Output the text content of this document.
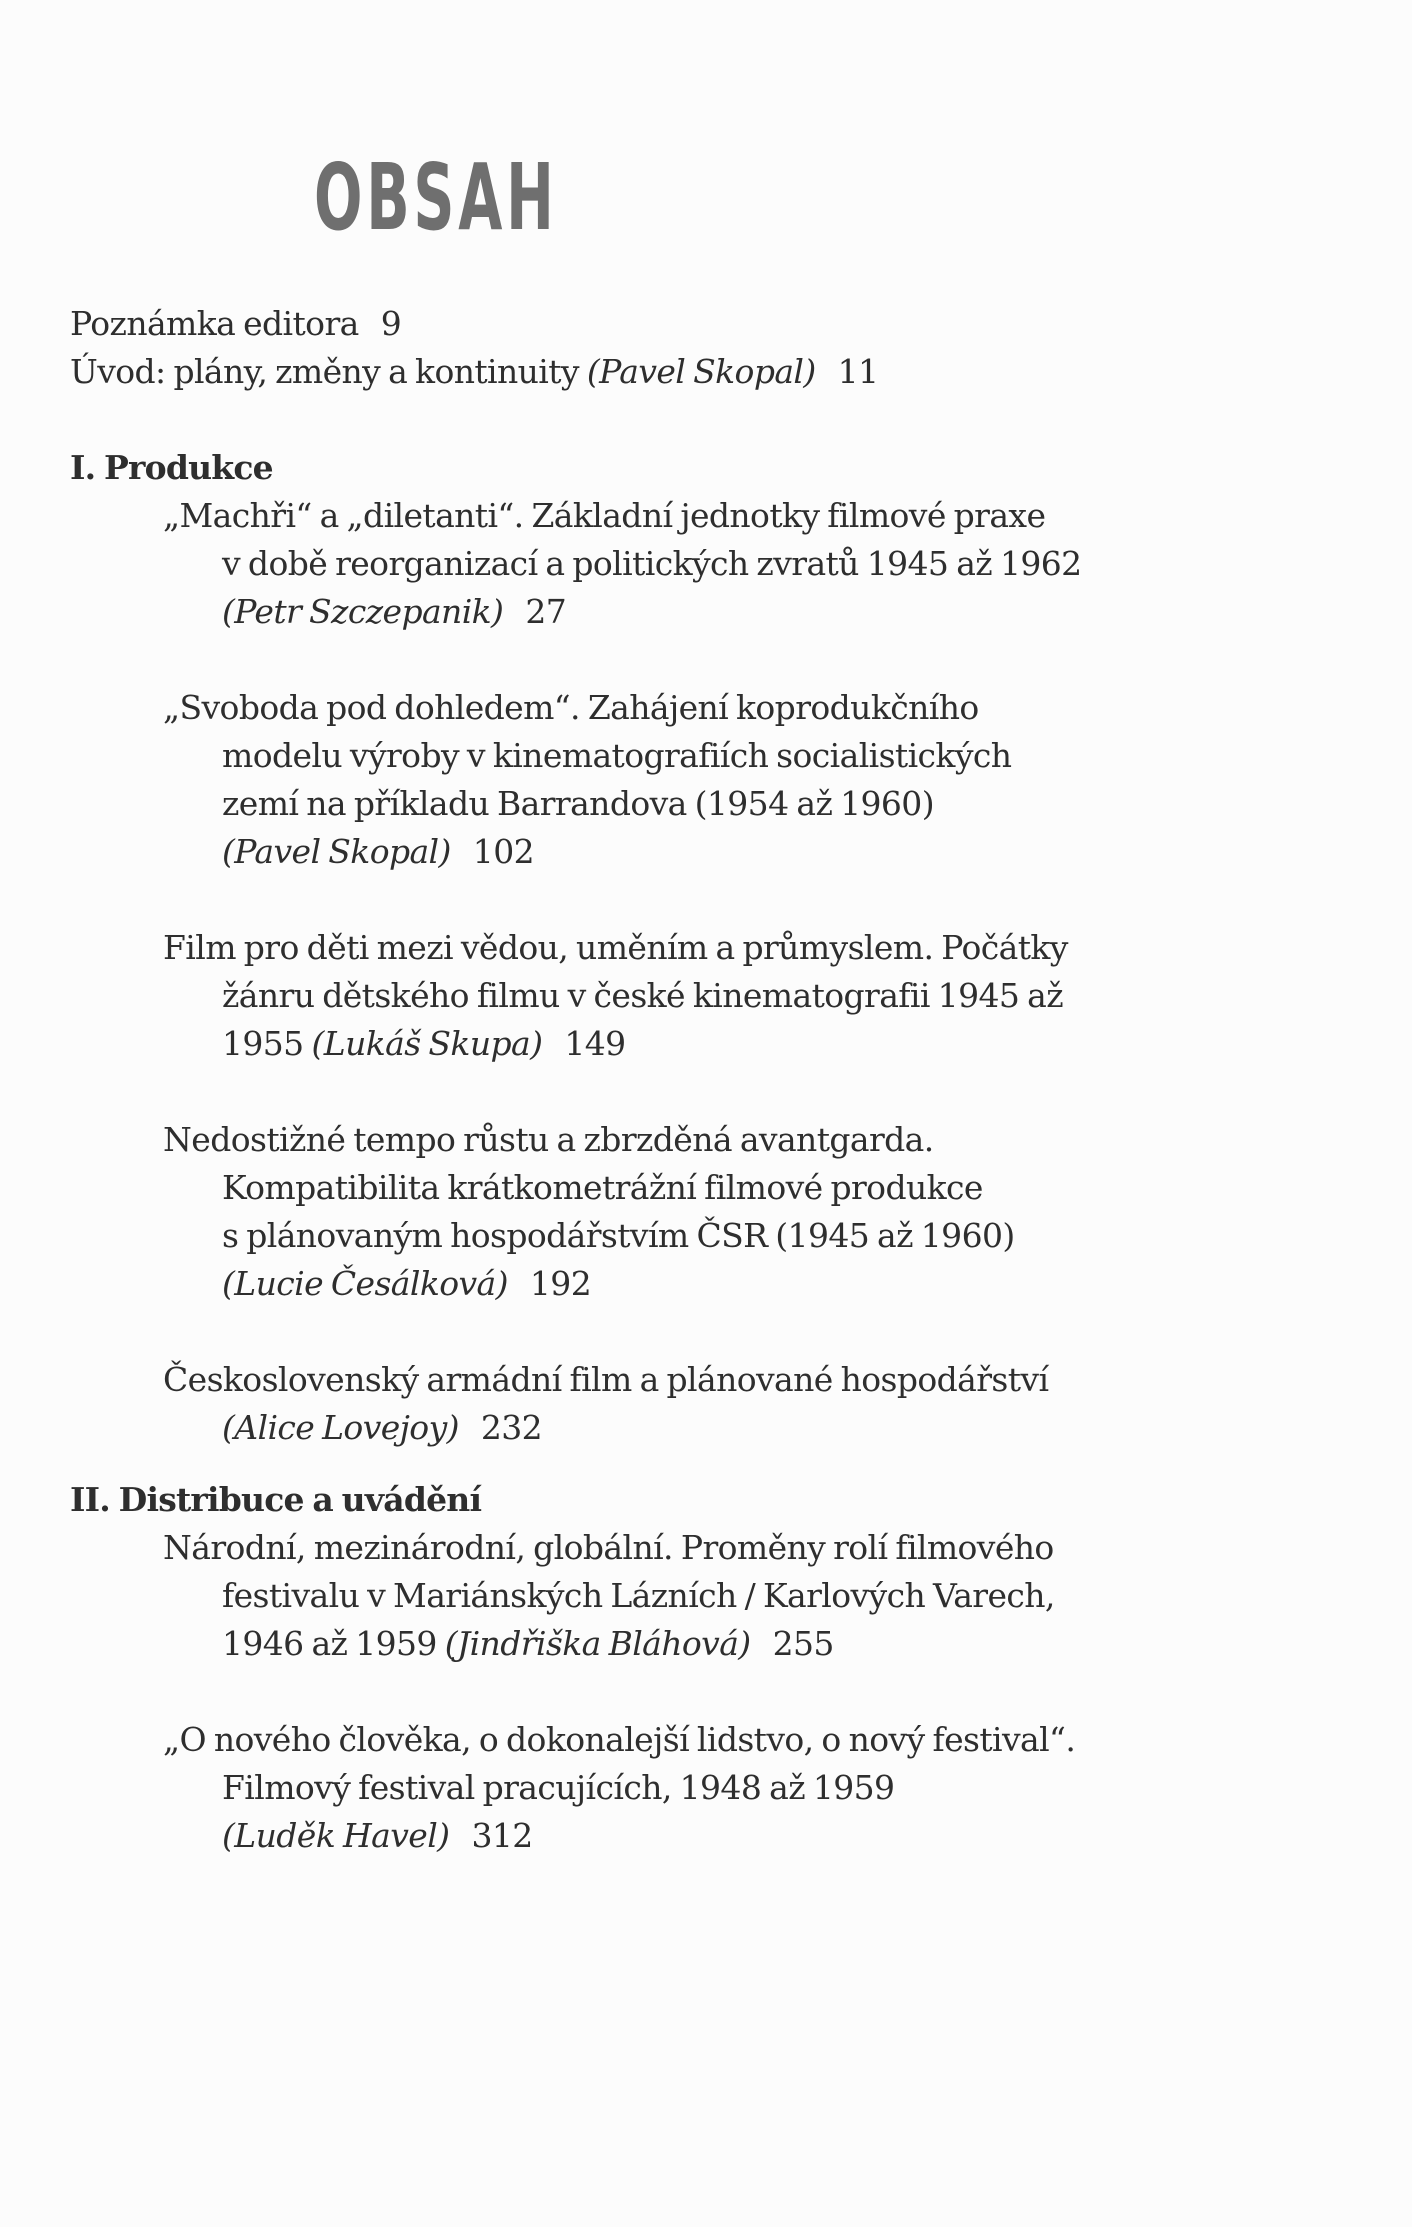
OBSAH
Poznámka editora 9
Úvod: plány, změny a kontinuity (Pavel Skopal) 11
I. Produkce
„Machři“ a „diletanti“. Základní jednotky filmové praxe
v době reorganizací a politických zvratů 1945 až 1962
(Petr Szczepanik) 27
„Svoboda pod dohledem“. Zahájení koprodukčního
modelu výroby v kinematografiích socialistických
zemí na příkladu Barrandova (1954 až 1960)
(Pavel Skopal) 102
Film pro děti mezi vědou, uměním a průmyslem. Počátky
žánru dětského filmu v české kinematografii 1945 až
1955 (Lukáš Skupa) 149
Nedostižné tempo růstu a zbrzděná avantgarda.
Kompatibilita krátkometrážní filmové produkce
s plánovaným hospodářstvím ČSR (1945 až 1960)
(Lucie Česálková) 192
Československý armádní film a plánované hospodářství
(Alice Lovejoy) 232
II. Distribuce a uvádění
Národní, mezinárodní, globální. Proměny rolí filmového
festivalu v Mariánských Lázních / Karlových Varech,
1946 až 1959 (Jindřiška Bláhová) 255
„O nového člověka, o dokonalejší lidstvo, o nový festival“.
Filmový festival pracujících, 1948 až 1959
(Luděk Havel) 312
